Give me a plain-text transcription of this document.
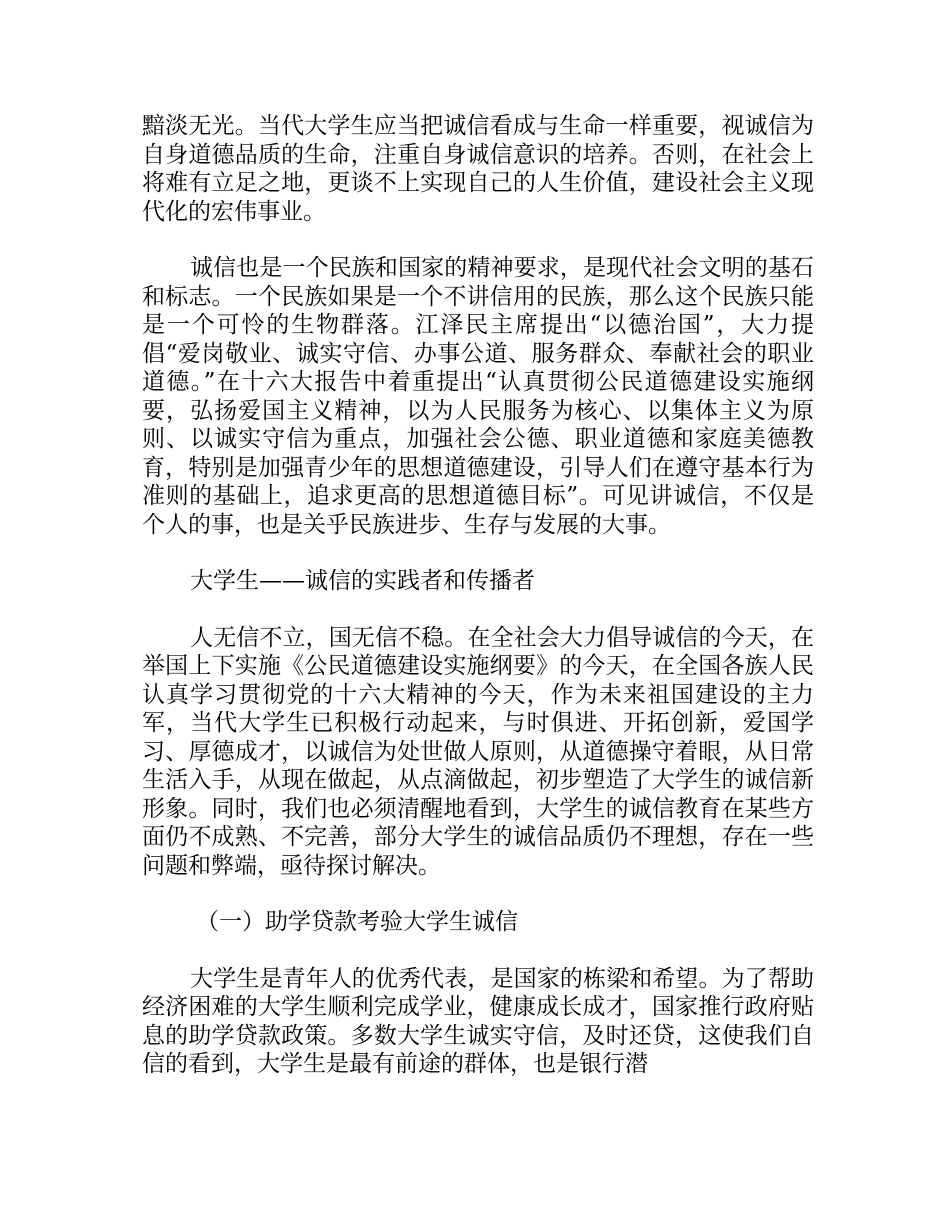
黯淡无光。当代大学生应当把诚信看成与生命一样重要，视诚信为自身道德品质的生命，注重自身诚信意识的培养。否则，在社会上将难有立足之地，更谈不上实现自己的人生价值，建设社会主义现代化的宏伟事业。

诚信也是一个民族和国家的精神要求，是现代社会文明的基石和标志。一个民族如果是一个不讲信用的民族，那么这个民族只能是一个可怜的生物群落。江泽民主席提出“以德治国”，大力提倡“爱岗敬业、诚实守信、办事公道、服务群众、奉献社会的职业道德。”在十六大报告中着重提出“认真贯彻公民道德建设实施纲要，弘扬爱国主义精神，以为人民服务为核心、以集体主义为原则、以诚实守信为重点，加强社会公德、职业道德和家庭美德教育，特别是加强青少年的思想道德建设，引导人们在遵守基本行为准则的基础上，追求更高的思想道德目标”。可见讲诚信，不仅是个人的事，也是关乎民族进步、生存与发展的大事。

大学生——诚信的实践者和传播者

人无信不立，国无信不稳。在全社会大力倡导诚信的今天，在举国上下实施《公民道德建设实施纲要》的今天，在全国各族人民认真学习贯彻党的十六大精神的今天，作为未来祖国建设的主力军，当代大学生已积极行动起来，与时俱进、开拓创新，爱国学习、厚德成才，以诚信为处世做人原则，从道德操守着眼，从日常生活入手，从现在做起，从点滴做起，初步塑造了大学生的诚信新形象。同时，我们也必须清醒地看到，大学生的诚信教育在某些方面仍不成熟、不完善，部分大学生的诚信品质仍不理想，存在一些问题和弊端，亟待探讨解决。

（一）助学贷款考验大学生诚信

大学生是青年人的优秀代表，是国家的栋梁和希望。为了帮助经济困难的大学生顺利完成学业，健康成长成才，国家推行政府贴息的助学贷款政策。多数大学生诚实守信，及时还贷，这使我们自信的看到，大学生是最有前途的群体，也是银行潜
